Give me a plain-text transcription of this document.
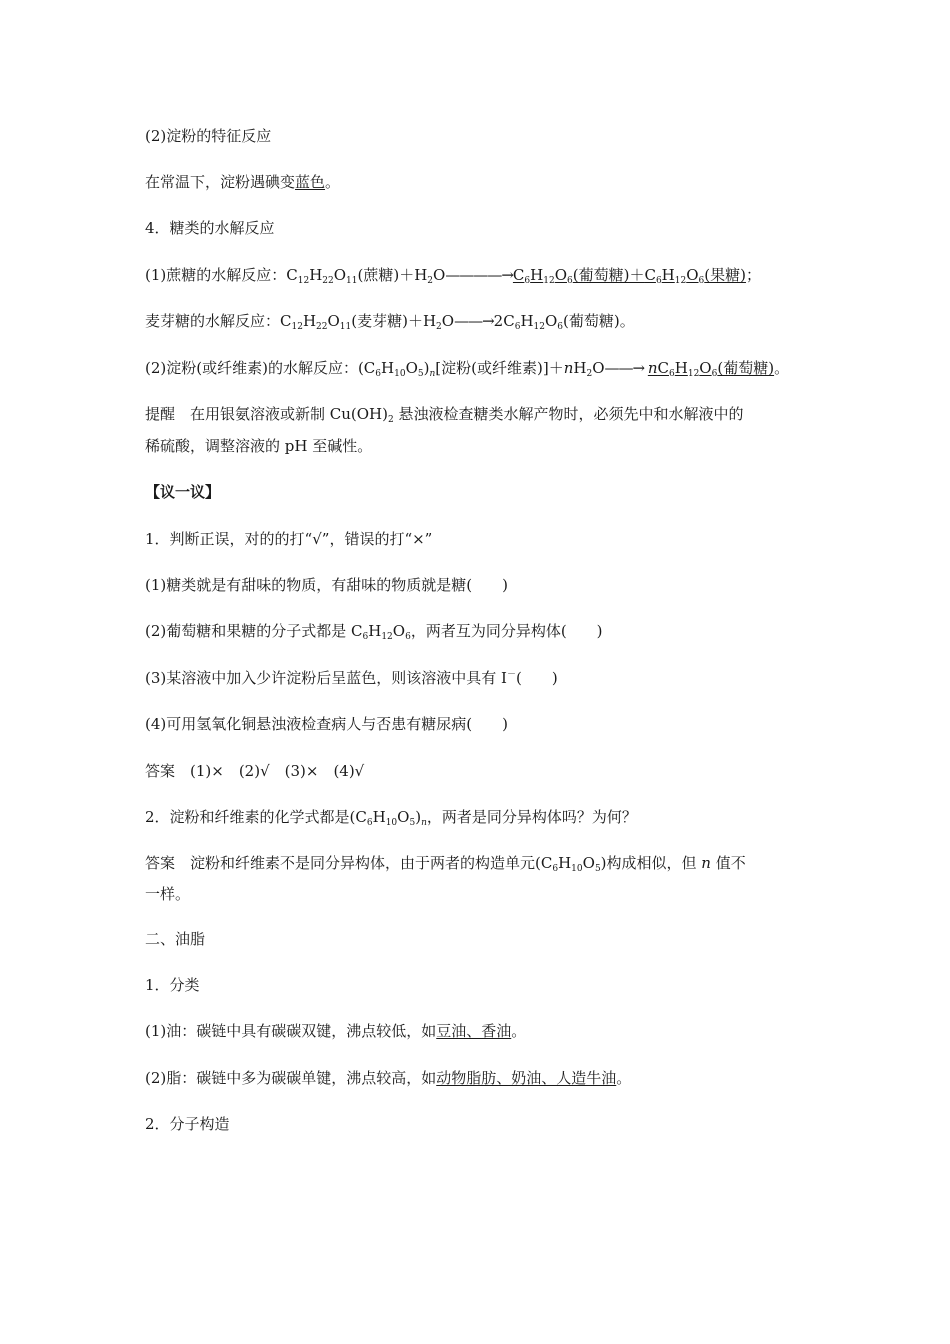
(2)淀粉的特征反应
在常温下，淀粉遇碘变蓝色。
4．糖类的水解反应
(1)蔗糖的水解反应：$C_{12}H_{22}O_{11}$(蔗糖)$+H_2O————\to C_6H_{12}O_6$(葡萄糖)$+C_6H_{12}O_6$(果糖)；
麦芽糖的水解反应：$C_{12}H_{22}O_{11}$(麦芽糖)$+H_2O——\to 2C_6H_{12}O_6$(葡萄糖)。
(2)淀粉(或纤维素)的水解反应：$(C_6H_{10}O_5)_n$[淀粉(或纤维素)]$+nH_2O——\to nC_6H_{12}O_6$(葡萄糖)。
提醒　在用银氨溶液或新制 $Cu(OH)_2$ 悬浊液检查糖类水解产物时，必须先中和水解液中的
稀硫酸，调整溶液的 pH 至碱性。
【议一议】
1．判断正误，对的的打“√”，错误的打“×”
(1)糖类就是有甜味的物质，有甜味的物质就是糖(　　)
(2)葡萄糖和果糖的分子式都是 $C_6H_{12}O_6$，两者互为同分异构体(　　)
(3)某溶液中加入少许淀粉后呈蓝色，则该溶液中具有 I－(　　)
(4)可用氢氧化铜悬浊液检查病人与否患有糖尿病(　　)
答案　(1)×　(2)√　(3)×　(4)√
2．淀粉和纤维素的化学式都是$(C_6H_{10}O_5)_n$，两者是同分异构体吗？为何？
答案　淀粉和纤维素不是同分异构体，由于两者的构造单元$(C_6H_{10}O_5)$构成相似，但 n 值不
一样。
二、油脂
1．分类
(1)油：碳链中具有碳碳双键，沸点较低，如豆油、香油。
(2)脂：碳链中多为碳碳单键，沸点较高，如动物脂肪、奶油、人造牛油。
2．分子构造
